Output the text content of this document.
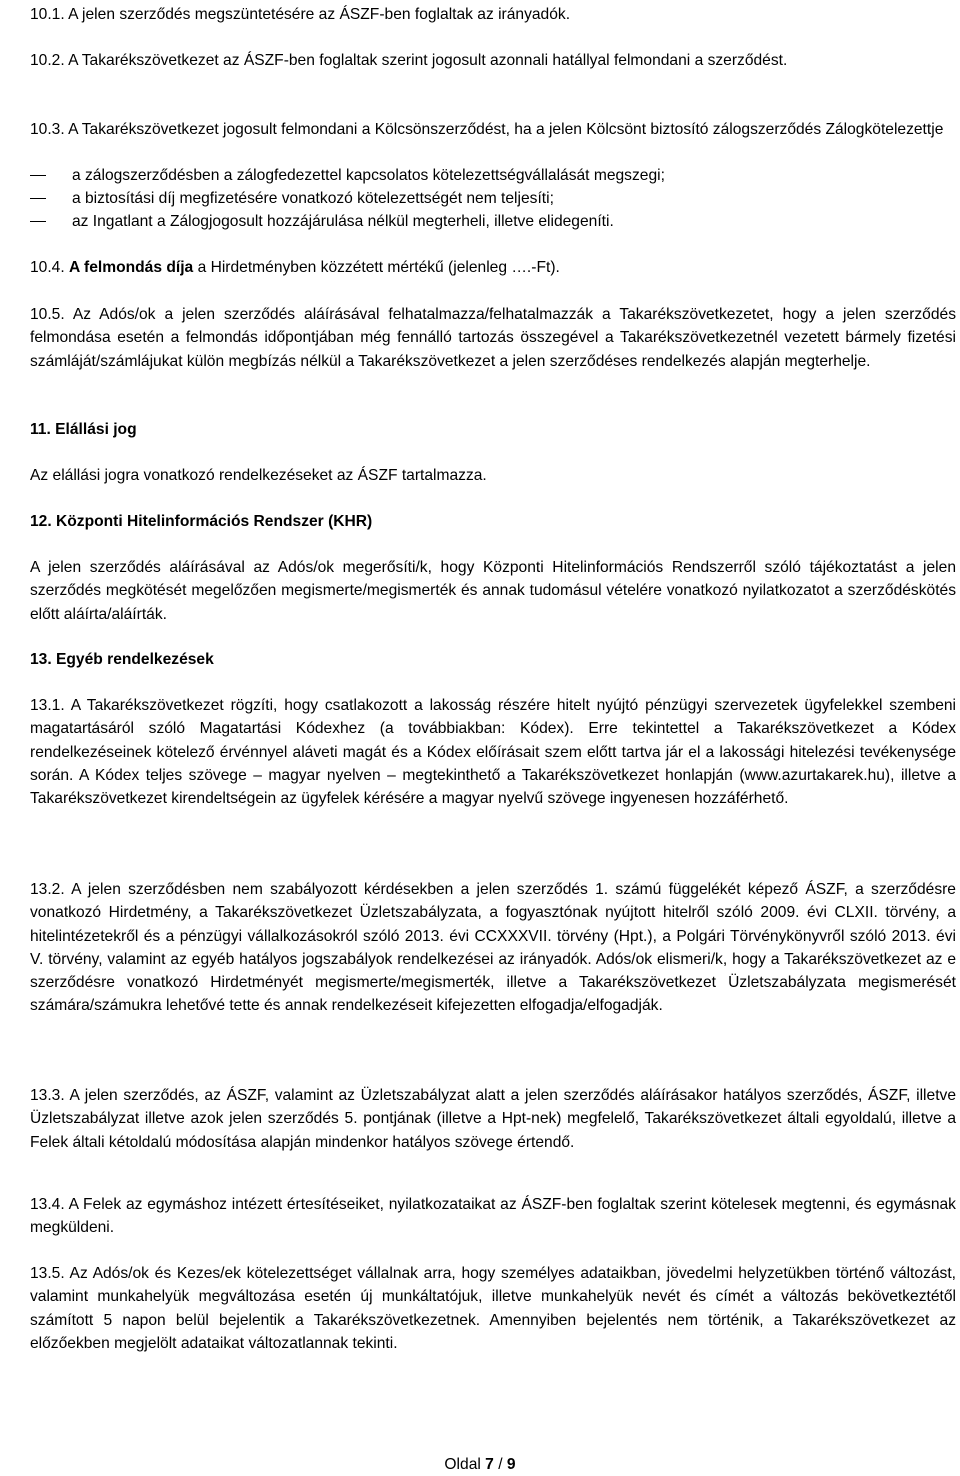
10.1. A jelen szerződés megszüntetésére az ÁSZF-ben foglaltak az irányadók.

10.2. A Takarékszövetkezet az ÁSZF-ben foglaltak szerint jogosult azonnali hatállyal felmondani a szerződést.

10.3. A Takarékszövetkezet jogosult felmondani a Kölcsönszerződést, ha a jelen Kölcsönt biztosító zálogszerződés Zálogkötelezettje

a zálogszerződésben a zálogfedezettel kapcsolatos kötelezettségvállalását megszegi;
a biztosítási díj megfizetésére vonatkozó kötelezettségét nem teljesíti;
az Ingatlant a Zálogjogosult hozzájárulása nélkül megterheli, illetve elidegeníti.

10.4. A felmondás díja a Hirdetményben közzétett mértékű (jelenleg ….-Ft).

10.5. Az Adós/ok a jelen szerződés aláírásával felhatalmazza/felhatalmazzák a Takarékszövetkezetet, hogy a jelen szerződés felmondása esetén a felmondás időpontjában még fennálló tartozás összegével a Takarékszövetkezetnél vezetett bármely fizetési számláját/számlájukat külön megbízás nélkül a Takarékszövetkezet a jelen szerződéses rendelkezés alapján megterhelje.

11. Elállási jog

Az elállási jogra vonatkozó rendelkezéseket az ÁSZF tartalmazza.

12. Központi Hitelinformációs Rendszer (KHR)

A jelen szerződés aláírásával az Adós/ok megerősíti/k, hogy Központi Hitelinformációs Rendszerről szóló tájékoztatást a jelen szerződés megkötését megelőzően megismerte/megismerték és annak tudomásul vételére vonatkozó nyilatkozatot a szerződéskötés előtt aláírta/aláírták.

13. Egyéb rendelkezések

13.1. A Takarékszövetkezet rögzíti, hogy csatlakozott a lakosság részére hitelt nyújtó pénzügyi szervezetek ügyfelekkel szembeni magatartásáról szóló Magatartási Kódexhez (a továbbiakban: Kódex). Erre tekintettel a Takarékszövetkezet a Kódex rendelkezéseinek kötelező érvénnyel aláveti magát és a Kódex előírásait szem előtt tartva jár el a lakossági hitelezési tevékenysége során. A Kódex teljes szövege – magyar nyelven – megtekinthető a Takarékszövetkezet honlapján (www.azurtakarek.hu), illetve a Takarékszövetkezet kirendeltségein az ügyfelek kérésére a magyar nyelvű szövege ingyenesen hozzáférhető.

13.2. A jelen szerződésben nem szabályozott kérdésekben a jelen szerződés 1. számú függelékét képező ÁSZF, a szerződésre vonatkozó Hirdetmény, a Takarékszövetkezet Üzletszabályzata, a fogyasztónak nyújtott hitelről szóló 2009. évi CLXII. törvény, a hitelintézetekről és a pénzügyi vállalkozásokról szóló 2013. évi CCXXXVII. törvény (Hpt.), a Polgári Törvénykönyvről szóló 2013. évi V. törvény, valamint az egyéb hatályos jogszabályok rendelkezései az irányadók. Adós/ok elismeri/k, hogy a Takarékszövetkezet az e szerződésre vonatkozó Hirdetményét megismerte/megismerték, illetve a Takarékszövetkezet Üzletszabályzata megismerését számára/számukra lehetővé tette és annak rendelkezéseit kifejezetten elfogadja/elfogadják.

13.3. A jelen szerződés, az ÁSZF, valamint az Üzletszabályzat alatt a jelen szerződés aláírásakor hatályos szerződés, ÁSZF, illetve Üzletszabályzat illetve azok jelen szerződés 5. pontjának (illetve a Hpt-nek) megfelelő, Takarékszövetkezet általi egyoldalú, illetve a Felek általi kétoldalú módosítása alapján mindenkor hatályos szövege értendő.

13.4. A Felek az egymáshoz intézett értesítéseiket, nyilatkozataikat az ÁSZF-ben foglaltak szerint kötelesek megtenni, és egymásnak megküldeni.

13.5. Az Adós/ok és Kezes/ek kötelezettséget vállalnak arra, hogy személyes adataikban, jövedelmi helyzetükben történő változást, valamint munkahelyük megváltozása esetén új munkáltatójuk, illetve munkahelyük nevét és címét a változás bekövetkeztétől számított 5 napon belül bejelentik a Takarékszövetkezetnek. Amennyiben bejelentés nem történik, a Takarékszövetkezet az előzőekben megjelölt adataikat változatlannak tekinti.

Oldal 7 / 9
